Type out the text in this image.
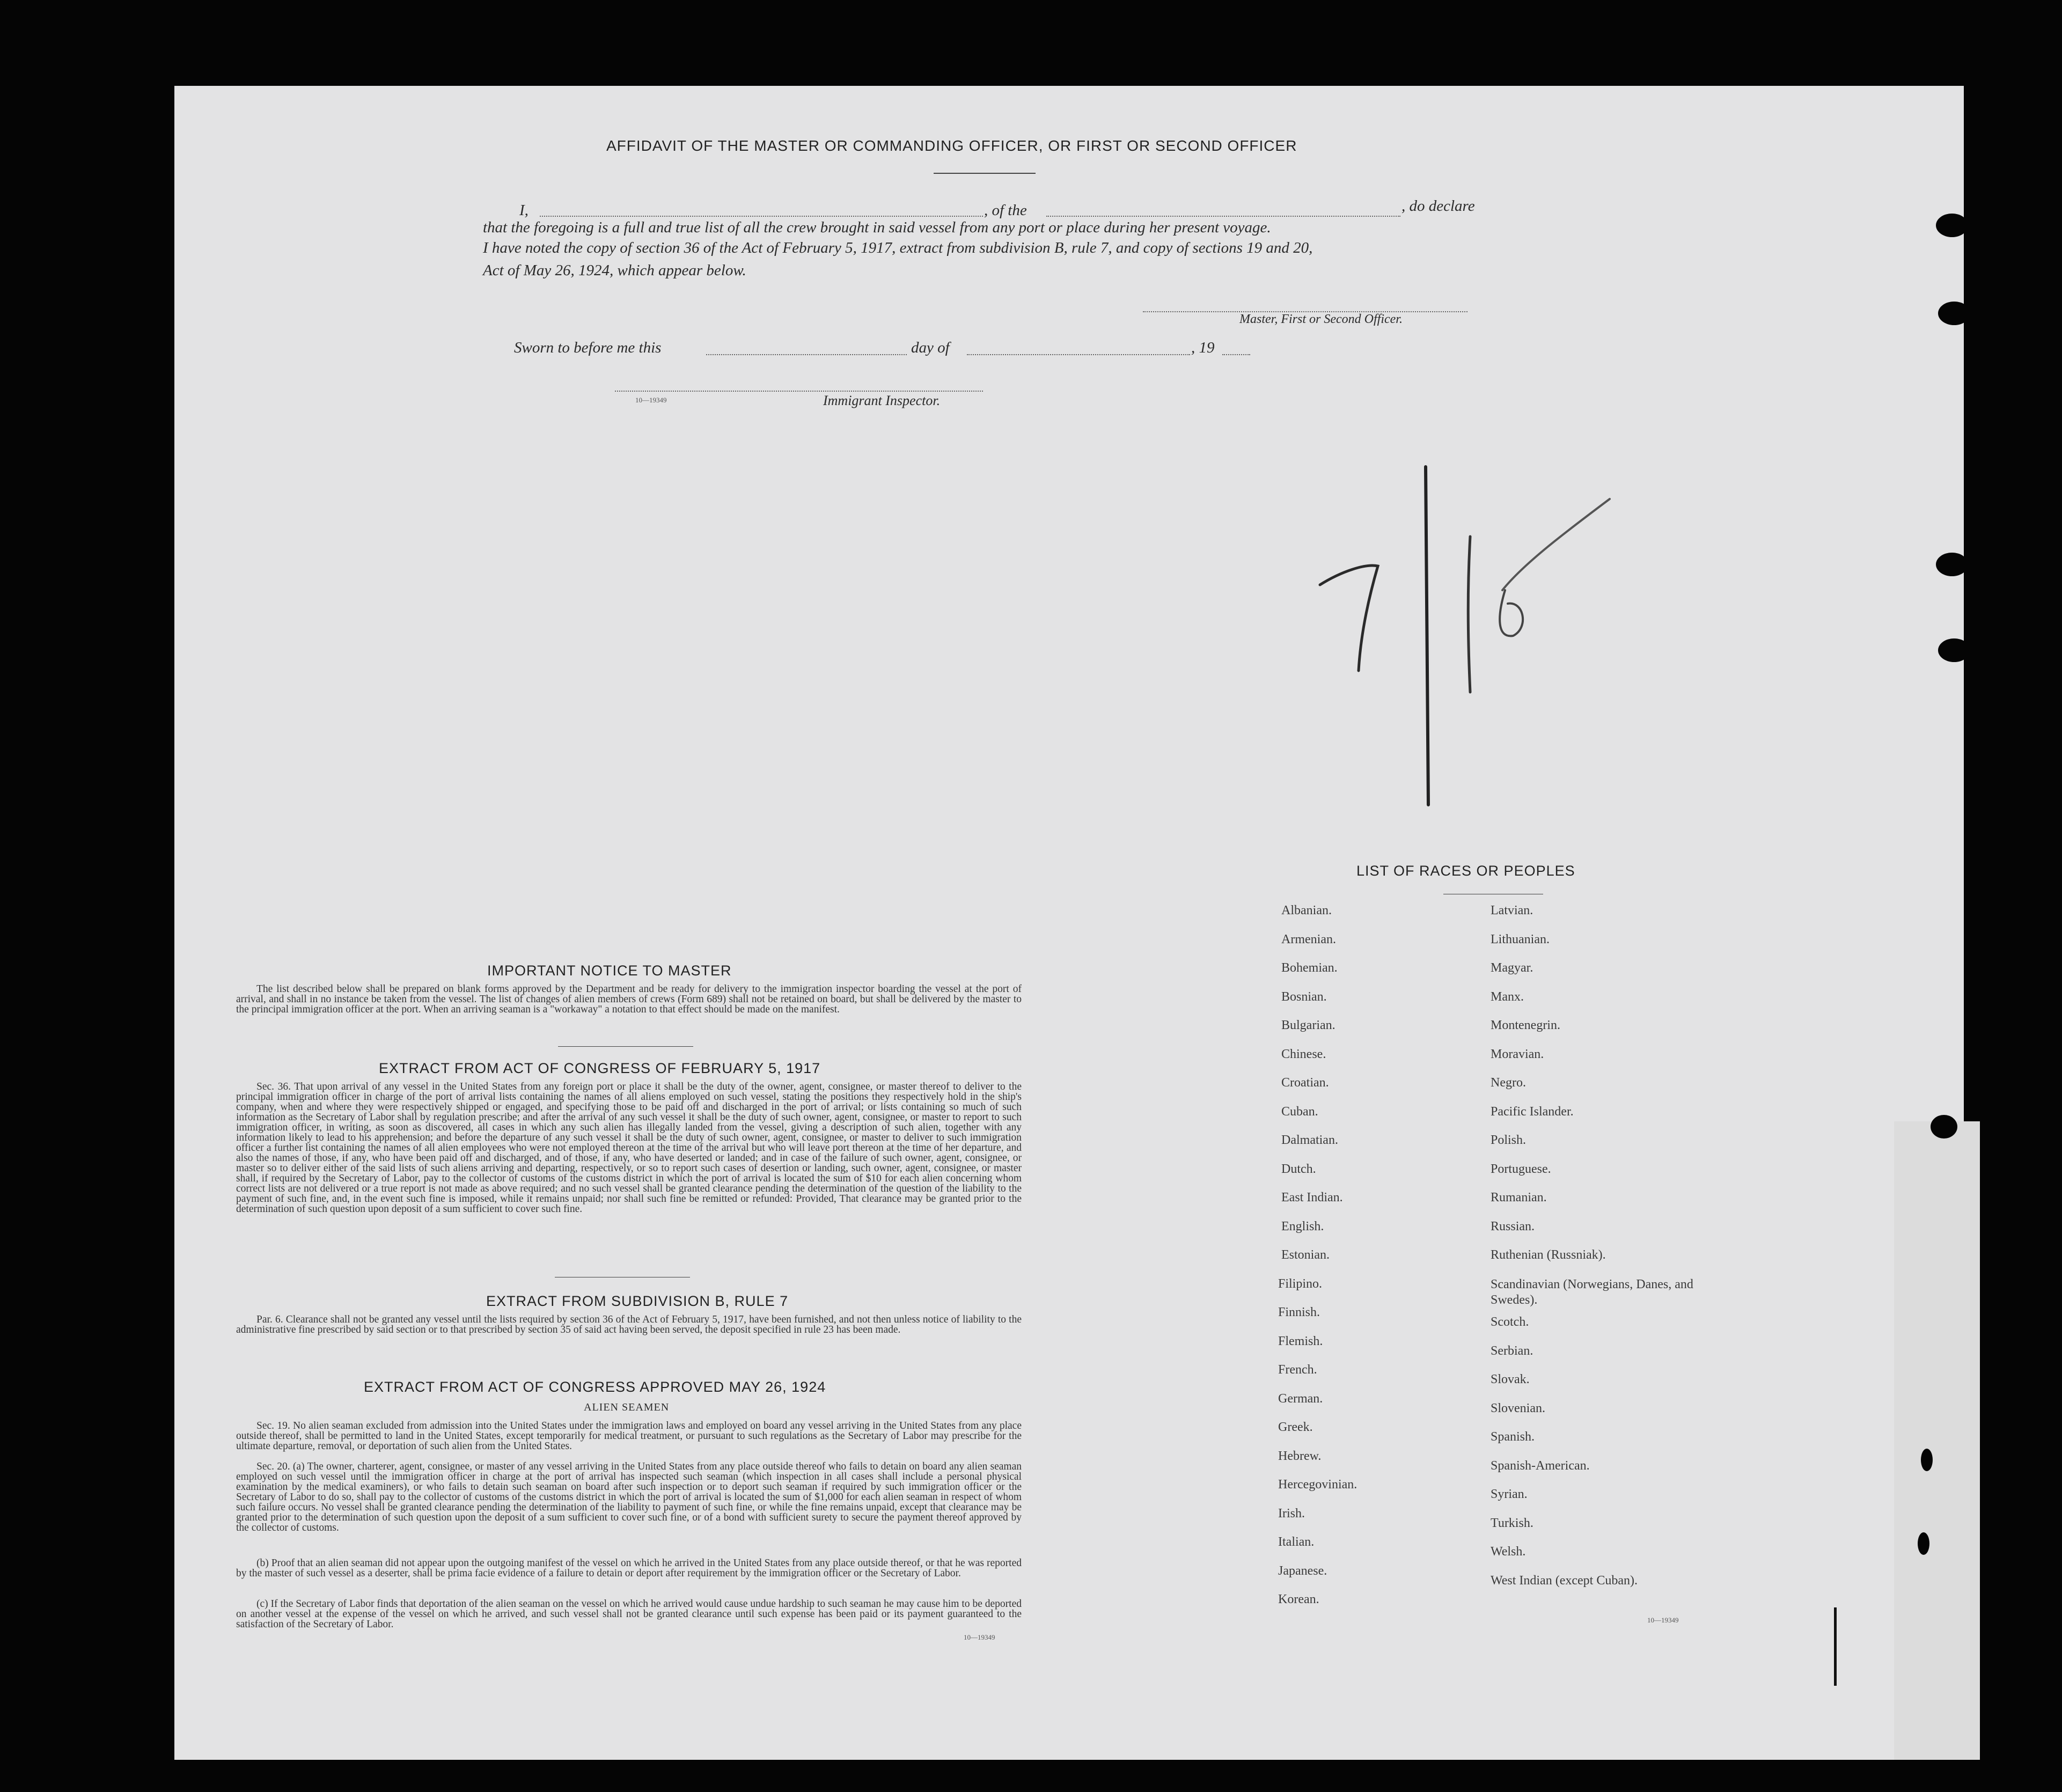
AFFIDAVIT OF THE MASTER OR COMMANDING OFFICER, OR FIRST OR SECOND OFFICER
I,	, of the	, do declare
that the foregoing is a full and true list of all the crew brought in said vessel from any port or place during her present voyage.
I have noted the copy of section 36 of the Act of February 5, 1917, extract from subdivision B, rule 7, and copy of sections 19 and 20,
Act of May 26, 1924, which appear below.
Master, First or Second Officer.
Sworn to before me this	day of	, 19
10—19349	Immigrant Inspector.
IMPORTANT NOTICE TO MASTER
The list described below shall be prepared on blank forms approved by the Department and be ready for delivery to the immigration inspector boarding the vessel at the port of arrival, and shall in no instance be taken from the vessel. The list of changes of alien members of crews (Form 689) shall not be retained on board, but shall be delivered by the master to the principal immigration officer at the port. When an arriving seaman is a "workaway" a notation to that effect should be made on the manifest.
EXTRACT FROM ACT OF CONGRESS OF FEBRUARY 5, 1917
Sec. 36. That upon arrival of any vessel in the United States from any foreign port or place it shall be the duty of the owner, agent, consignee, or master thereof to deliver to the principal immigration officer in charge of the port of arrival lists containing the names of all aliens employed on such vessel, stating the positions they respectively hold in the ship's company, when and where they were respectively shipped or engaged, and specifying those to be paid off and discharged in the port of arrival; or lists containing so much of such information as the Secretary of Labor shall by regulation prescribe; and after the arrival of any such vessel it shall be the duty of such owner, agent, consignee, or master to report to such immigration officer, in writing, as soon as discovered, all cases in which any such alien has illegally landed from the vessel, giving a description of such alien, together with any information likely to lead to his apprehension; and before the departure of any such vessel it shall be the duty of such owner, agent, consignee, or master to deliver to such immigration officer a further list containing the names of all alien employees who were not employed thereon at the time of the arrival but who will leave port thereon at the time of her departure, and also the names of those, if any, who have been paid off and discharged, and of those, if any, who have deserted or landed; and in case of the failure of such owner, agent, consignee, or master so to deliver either of the said lists of such aliens arriving and departing, respectively, or so to report such cases of desertion or landing, such owner, agent, consignee, or master shall, if required by the Secretary of Labor, pay to the collector of customs of the customs district in which the port of arrival is located the sum of $10 for each alien concerning whom correct lists are not delivered or a true report is not made as above required; and no such vessel shall be granted clearance pending the determination of the question of the liability to the payment of such fine, and, in the event such fine is imposed, while it remains unpaid; nor shall such fine be remitted or refunded: Provided, That clearance may be granted prior to the determination of such question upon deposit of a sum sufficient to cover such fine.
EXTRACT FROM SUBDIVISION B, RULE 7
Par. 6. Clearance shall not be granted any vessel until the lists required by section 36 of the Act of February 5, 1917, have been furnished, and not then unless notice of liability to the administrative fine prescribed by said section or to that prescribed by section 35 of said act having been served, the deposit specified in rule 23 has been made.
EXTRACT FROM ACT OF CONGRESS APPROVED MAY 26, 1924
ALIEN SEAMEN
Sec. 19. No alien seaman excluded from admission into the United States under the immigration laws and employed on board any vessel arriving in the United States from any place outside thereof, shall be permitted to land in the United States, except temporarily for medical treatment, or pursuant to such regulations as the Secretary of Labor may prescribe for the ultimate departure, removal, or deportation of such alien from the United States.
Sec. 20. (a) The owner, charterer, agent, consignee, or master of any vessel arriving in the United States from any place outside thereof who fails to detain on board any alien seaman employed on such vessel until the immigration officer in charge at the port of arrival has inspected such seaman (which inspection in all cases shall include a personal physical examination by the medical examiners), or who fails to detain such seaman on board after such inspection or to deport such seaman if required by such immigration officer or the Secretary of Labor to do so, shall pay to the collector of customs of the customs district in which the port of arrival is located the sum of $1,000 for each alien seaman in respect of whom such failure occurs. No vessel shall be granted clearance pending the determination of the liability to payment of such fine, or while the fine remains unpaid, except that clearance may be granted prior to the determination of such question upon the deposit of a sum sufficient to cover such fine, or of a bond with sufficient surety to secure the payment thereof approved by the collector of customs.
(b) Proof that an alien seaman did not appear upon the outgoing manifest of the vessel on which he arrived in the United States from any place outside thereof, or that he was reported by the master of such vessel as a deserter, shall be prima facie evidence of a failure to detain or deport after requirement by the immigration officer or the Secretary of Labor.
(c) If the Secretary of Labor finds that deportation of the alien seaman on the vessel on which he arrived would cause undue hardship to such seaman he may cause him to be deported on another vessel at the expense of the vessel on which he arrived, and such vessel shall not be granted clearance until such expense has been paid or its payment guaranteed to the satisfaction of the Secretary of Labor.
10—19349
LIST OF RACES OR PEOPLES
Albanian.
Armenian.
Bohemian.
Bosnian.
Bulgarian.
Chinese.
Croatian.
Cuban.
Dalmatian.
Dutch.
East Indian.
English.
Estonian.
Filipino.
Finnish.
Flemish.
French.
German.
Greek.
Hebrew.
Hercegovinian.
Irish.
Italian.
Japanese.
Korean.
Latvian.
Lithuanian.
Magyar.
Manx.
Montenegrin.
Moravian.
Negro.
Pacific Islander.
Polish.
Portuguese.
Rumanian.
Russian.
Ruthenian (Russniak).
Scandinavian (Norwegians, Danes, and Swedes).
Scotch.
Serbian.
Slovak.
Slovenian.
Spanish.
Spanish-American.
Syrian.
Turkish.
Welsh.
West Indian (except Cuban).
10—19349
